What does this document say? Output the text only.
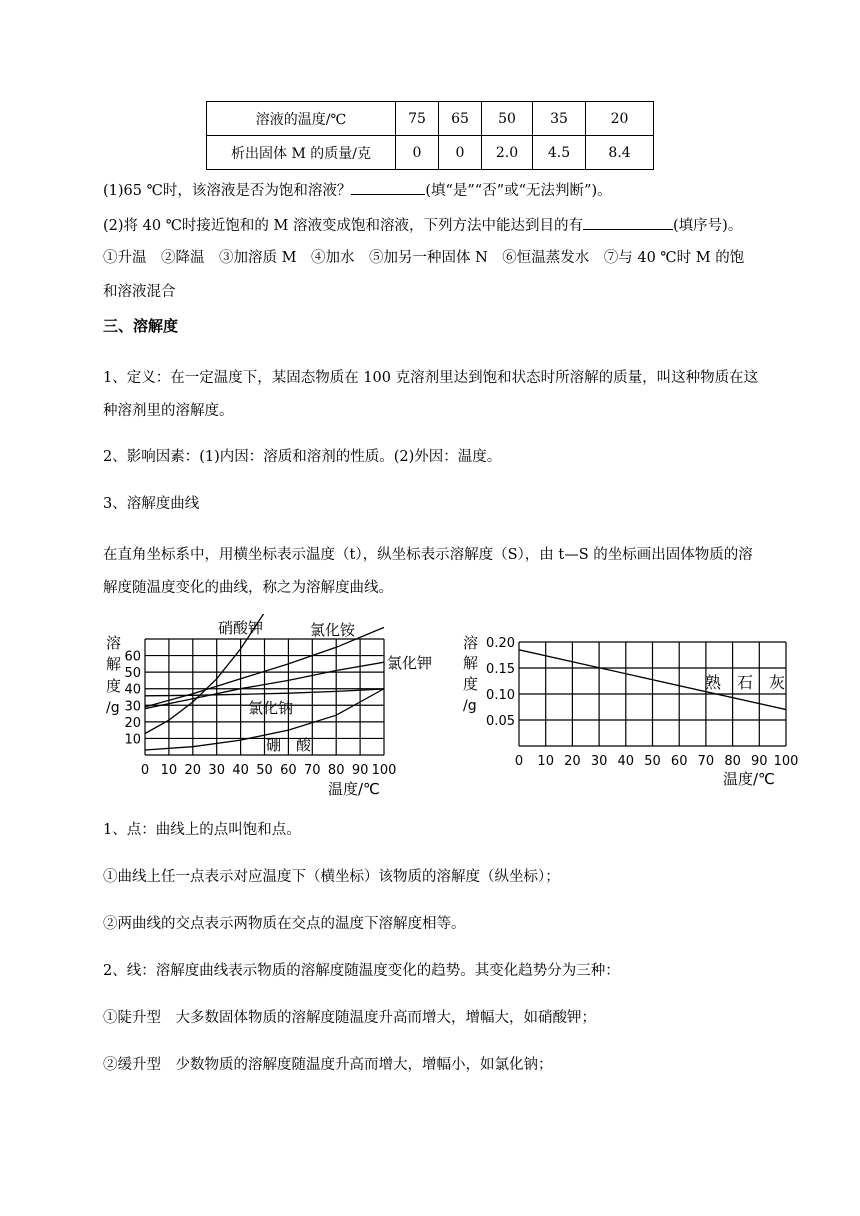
溶液的温度/℃	75	65	50	35	20
析出固体 M 的质量/克	0	0	2.0	4.5	8.4
(1)65 ℃时，该溶液是否为饱和溶液？	(填“是”“否”或“无法判断”)。
(2)将 40 ℃时接近饱和的 M 溶液变成饱和溶液，下列方法中能达到目的有	(填序号)。
①升温　②降温　③加溶质 M　④加水　⑤加另一种固体 N　⑥恒温蒸发水　⑦与 40 ℃时 M 的饱
和溶液混合
三、溶解度
1、定义：在一定温度下，某固态物质在 100 克溶剂里达到饱和状态时所溶解的质量，叫这种物质在这种溶剂里的溶解度。
2、影响因素：(1)内因：溶质和溶剂的性质。(2)外因：温度。
3、溶解度曲线
在直角坐标系中，用横坐标表示温度（t），纵坐标表示溶解度（S），由 t—S 的坐标画出固体物质的溶解度随温度变化的曲线，称之为溶解度曲线。
0 10 20 30 40 50 60 70 80 90 100
10
20
30
40
50
60
溶
解
度
/g
硝酸钾	氯化铵
氯化钾
氯化钠
硼　酸
温度/℃
0 10 20 30 40 50 60 70 80 90 100
0.05
0.10
0.15
0.20
溶
解
度
/g
熟　石　灰
温度/℃
1、点：曲线上的点叫饱和点。
①曲线上任一点表示对应温度下（横坐标）该物质的溶解度（纵坐标）；
②两曲线的交点表示两物质在交点的温度下溶解度相等。
2、线：溶解度曲线表示物质的溶解度随温度变化的趋势。其变化趋势分为三种：
①陡升型　大多数固体物质的溶解度随温度升高而增大，增幅大，如硝酸钾；
②缓升型　少数物质的溶解度随温度升高而增大，增幅小，如氯化钠；
